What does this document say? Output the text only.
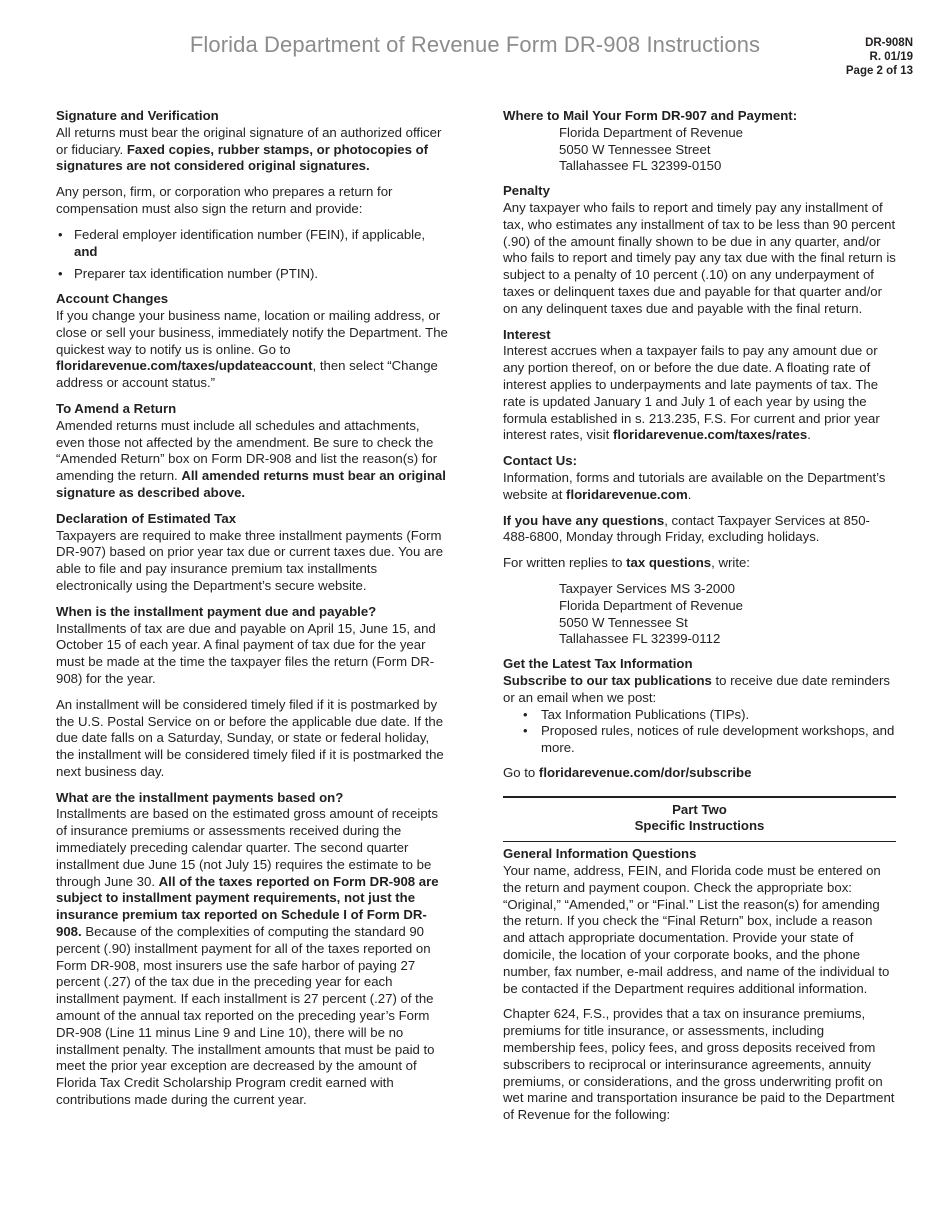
Florida Department of Revenue Form DR-908 Instructions	DR-908N
R. 01/19
Page 2 of 13
Signature and Verification

All returns must bear the original signature of an authorized officer or fiduciary. Faxed copies, rubber stamps, or photocopies of signatures are not considered original signatures.

Any person, firm, or corporation who prepares a return for compensation must also sign the return and provide:

• Federal employer identification number (FEIN), if applicable,
and
• Preparer tax identification number (PTIN).
Account Changes

If you change your business name, location or mailing address, or close or sell your business, immediately notify the Department. The quickest way to notify us is online. Go to floridarevenue.com/taxes/updateaccount, then select “Change address or account status.”

To Amend a Return

Amended returns must include all schedules and attachments, even those not affected by the amendment. Be sure to check the “Amended Return” box on Form DR-908 and list the reason(s) for amending the return. All amended returns must bear an original signature as described above.

Declaration of Estimated Tax

Taxpayers are required to make three installment payments (Form DR-907) based on prior year tax due or current taxes due. You are able to file and pay insurance premium tax installments electronically using the Department’s secure website.

When is the installment payment due and payable?

Installments of tax are due and payable on April 15, June 15, and October 15 of each year. A final payment of tax due for the year must be made at the time the taxpayer files the return (Form DR-908) for the year.

An installment will be considered timely filed if it is postmarked by the U.S. Postal Service on or before the applicable due date. If the due date falls on a Saturday, Sunday, or state or federal holiday, the installment will be considered timely filed if it is postmarked the next business day.

What are the installment payments based on?

Installments are based on the estimated gross amount of receipts of insurance premiums or assessments received during the immediately preceding calendar quarter. The second quarter installment due June 15 (not July 15) requires the estimate to be through June 30. All of the taxes reported on Form DR-908 are subject to installment payment requirements, not just the insurance premium tax reported on Schedule I of Form DR-908. Because of the complexities of computing the standard 90 percent (.90) installment payment for all of the taxes reported on Form DR-908, most insurers use the safe harbor of paying 27 percent (.27) of the tax due in the preceding year for each installment payment. If each installment is 27 percent (.27) of the amount of the annual tax reported on the preceding year’s Form DR-908 (Line 11 minus Line 9 and Line 10), there will be no installment penalty. The installment amounts that must be paid to meet the prior year exception are decreased by the amount of Florida Tax Credit Scholarship Program credit earned with contributions made during the current year.

Where to Mail Your Form DR-907 and Payment:
Florida Department of Revenue
5050 W Tennessee Street
Tallahassee FL 32399-0150
Penalty

Any taxpayer who fails to report and timely pay any installment of tax, who estimates any installment of tax to be less than 90 percent (.90) of the amount finally shown to be due in any quarter, and/or who fails to report and timely pay any tax due with the final return is subject to a penalty of 10 percent (.10) on any underpayment of taxes or delinquent taxes due and payable for that quarter and/or on any delinquent taxes due and payable with the final return.

Interest

Interest accrues when a taxpayer fails to pay any amount due or any portion thereof, on or before the due date. A floating rate of interest applies to underpayments and late payments of tax. The rate is updated January 1 and July 1 of each year by using the formula established in s. 213.235, F.S. For current and prior year interest rates, visit floridarevenue.com/taxes/rates.

Contact Us:

Information, forms and tutorials are available on the Department’s website at floridarevenue.com.

If you have any questions, contact Taxpayer Services at 850-488-6800, Monday through Friday, excluding holidays.

For written replies to tax questions, write:

Taxpayer Services MS 3-2000
Florida Department of Revenue
5050 W Tennessee St
Tallahassee FL 32399-0112
Get the Latest Tax Information
Subscribe to our tax publications to receive due date reminders or an email when we post:
• Tax Information Publications (TIPs).
• Proposed rules, notices of rule development workshops, and more.

Go to floridarevenue.com/dor/subscribe

Part Two
Specific Instructions
General Information Questions

Your name, address, FEIN, and Florida code must be entered on the return and payment coupon. Check the appropriate box: “Original,” “Amended,” or “Final.” List the reason(s) for amending the return. If you check the “Final Return” box, include a reason and attach appropriate documentation. Provide your state of domicile, the location of your corporate books, and the phone number, fax number, e-mail address, and name of the individual to be contacted if the Department requires additional information.

Chapter 624, F.S., provides that a tax on insurance premiums, premiums for title insurance, or assessments, including membership fees, policy fees, and gross deposits received from subscribers to reciprocal or interinsurance agreements, annuity premiums, or considerations, and the gross underwriting profit on wet marine and transportation insurance be paid to the Department of Revenue for the following:
